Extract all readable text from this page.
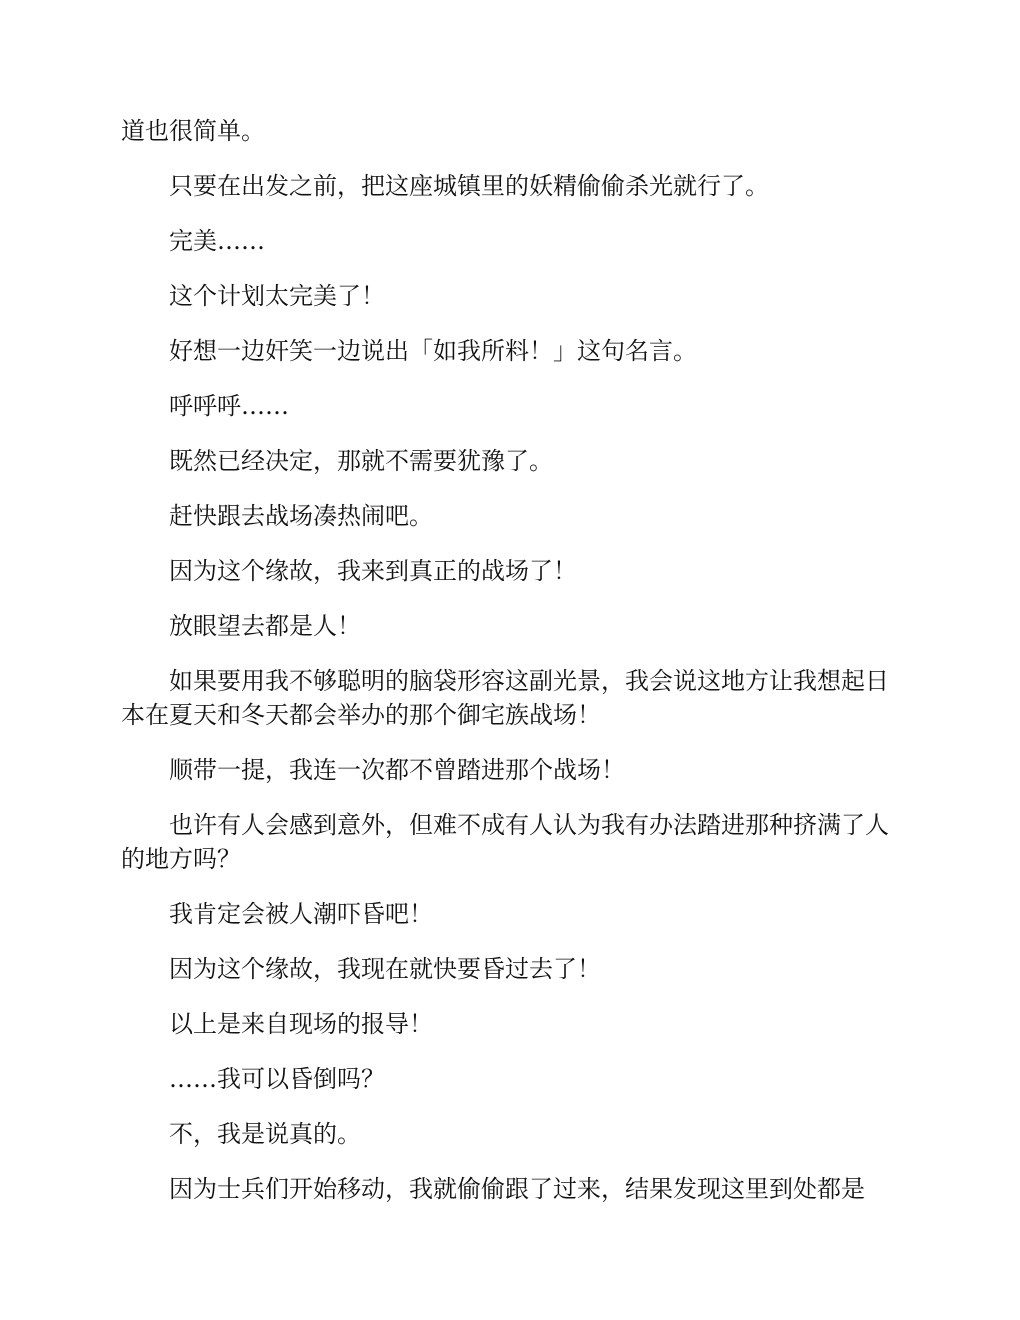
道也很简单。

只要在出发之前，把这座城镇里的妖精偷偷杀光就行了。

完美……

这个计划太完美了！

好想一边奸笑一边说出「如我所料！」这句名言。

呼呼呼……

既然已经决定，那就不需要犹豫了。

赶快跟去战场凑热闹吧。

因为这个缘故，我来到真正的战场了！

放眼望去都是人！

如果要用我不够聪明的脑袋形容这副光景，我会说这地方让我想起日本在夏天和冬天都会举办的那个御宅族战场！

顺带一提，我连一次都不曾踏进那个战场！

也许有人会感到意外，但难不成有人认为我有办法踏进那种挤满了人的地方吗？

我肯定会被人潮吓昏吧！

因为这个缘故，我现在就快要昏过去了！

以上是来自现场的报导！

……我可以昏倒吗？

不，我是说真的。

因为士兵们开始移动，我就偷偷跟了过来，结果发现这里到处都是
